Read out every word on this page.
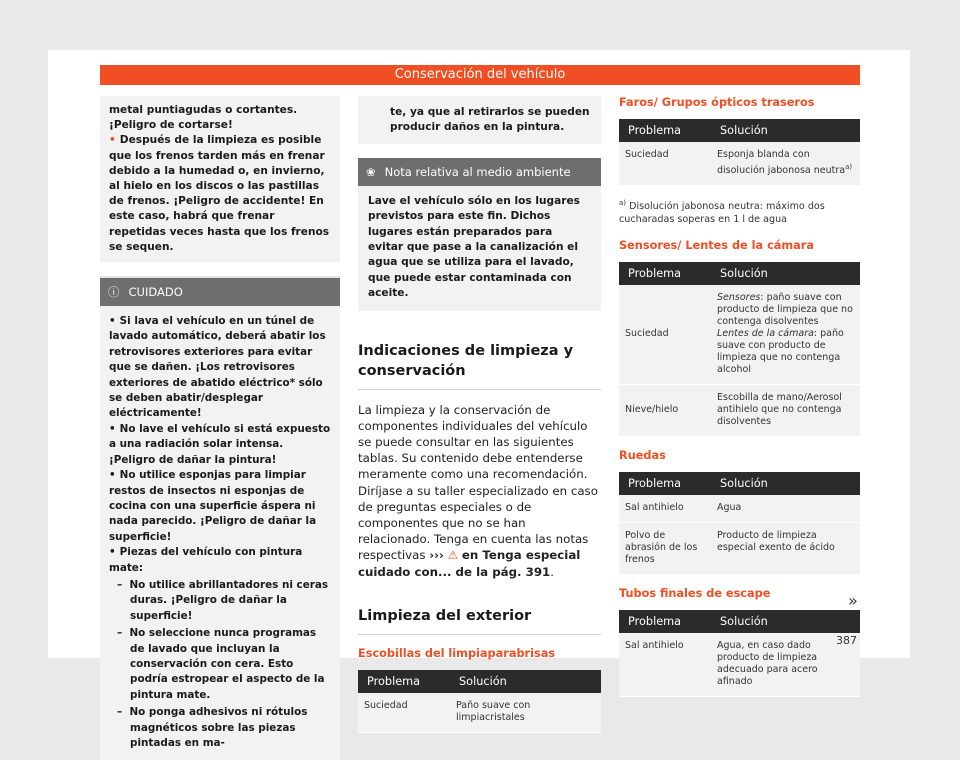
Conservación del vehículo

metal puntiagudas o cortantes. ¡Peligro de cortarse!

• Después de la limpieza es posible que los frenos tarden más en frenar debido a la humedad o, en invierno, al hielo en los discos o las pastillas de frenos. ¡Peligro de accidente! En este caso, habrá que frenar repetidas veces hasta que los frenos se sequen.

ⓘ CUIDADO

• Si lava el vehículo en un túnel de lavado automático, deberá abatir los retrovisores exteriores para evitar que se dañen. ¡Los retrovisores exteriores de abatido eléctrico* sólo se deben abatir/desplegar eléctricamente!

• No lave el vehículo si está expuesto a una radiación solar intensa. ¡Peligro de dañar la pintura!

• No utilice esponjas para limpiar restos de insectos ni esponjas de cocina con una superficie áspera ni nada parecido. ¡Peligro de dañar la superficie!

• Piezas del vehículo con pintura mate:

– No utilice abrillantadores ni ceras duras. ¡Peligro de dañar la superficie!

– No seleccione nunca programas de lavado que incluyan la conservación con cera. Esto podría estropear el aspecto de la pintura mate.

– No ponga adhesivos ni rótulos magnéticos sobre las piezas pintadas en ma-

te, ya que al retirarlos se pueden producir daños en la pintura.
❀ Nota relativa al medio ambiente
Lave el vehículo sólo en los lugares previstos para este fin. Dichos lugares están preparados para evitar que pase a la canalización el agua que se utiliza para el lavado, que puede estar contaminada con aceite.
Indicaciones de limpieza y conservación

La limpieza y la conservación de componentes individuales del vehículo se puede consultar en las siguientes tablas. Su contenido debe entenderse meramente como una recomendación. Diríjase a su taller especializado en caso de preguntas especiales o de componentes que no se han relacionado. Tenga en cuenta las notas respectivas ››› ⚠ en Tenga especial cuidado con... de la pág. 391.

Limpieza del exterior
Escobillas del limpiaparabrisas
Problema	Solución
Suciedad	Paño suave con limpiacristales
Faros/ Grupos ópticos traseros
Problema	Solución
Suciedad	Esponja blanda con disolución jabonosa neutra$^{a)}$

$^{a)}$ Disolución jabonosa neutra: máximo dos cucharadas soperas en 1 l de agua

Sensores/ Lentes de la cámara
Problema	Solución
Suciedad	Sensores: paño suave con producto de limpieza que no contenga disolventes
Lentes de la cámara: paño suave con producto de limpieza que no contenga alcohol
Nieve/hielo	Escobilla de mano/Aerosol antihielo que no contenga disolventes
Ruedas
Problema	Solución
Sal antihielo	Agua
Polvo de abrasión de los frenos	Producto de limpieza especial exento de ácido
Tubos finales de escape
Problema	Solución
Sal antihielo	Agua, en caso dado producto de limpieza adecuado para acero afinado
»
387
